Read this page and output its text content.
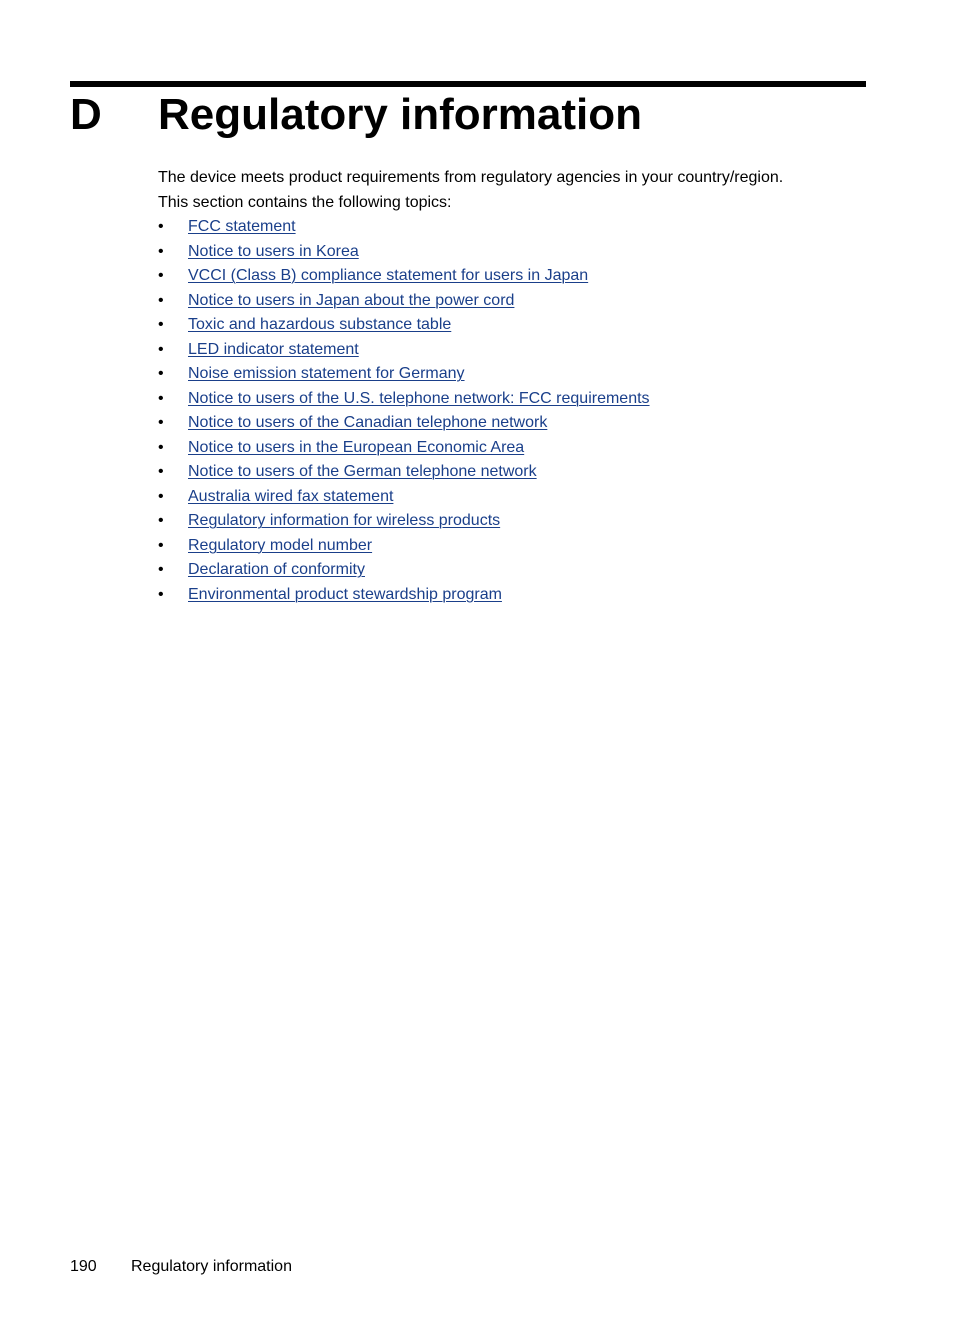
D Regulatory information

The device meets product requirements from regulatory agencies in your country/region.

This section contains the following topics:

• FCC statement
• Notice to users in Korea
• VCCI (Class B) compliance statement for users in Japan
• Notice to users in Japan about the power cord
• Toxic and hazardous substance table
• LED indicator statement
• Noise emission statement for Germany
• Notice to users of the U.S. telephone network: FCC requirements
• Notice to users of the Canadian telephone network
• Notice to users in the European Economic Area
• Notice to users of the German telephone network
• Australia wired fax statement
• Regulatory information for wireless products
• Regulatory model number
• Declaration of conformity
• Environmental product stewardship program
190 Regulatory information
